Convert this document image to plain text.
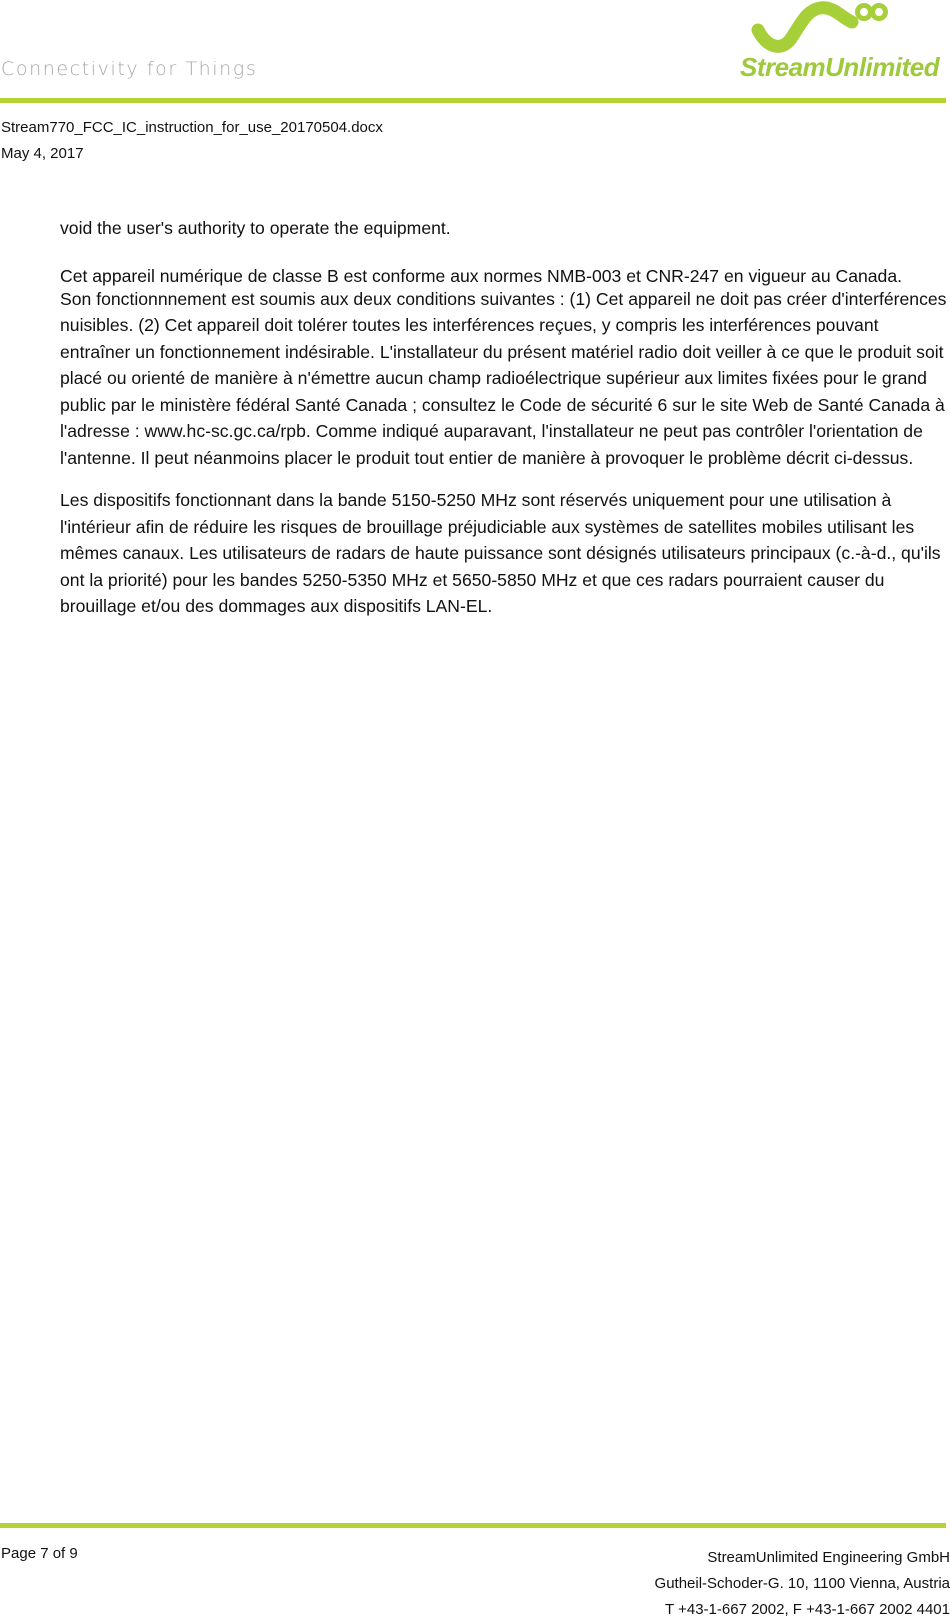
Connectivity for Things	StreamUnlimited
Stream770_FCC_IC_instruction_for_use_20170504.docx
May 4, 2017

void the user's authority to operate the equipment.

Cet appareil numérique de classe B est conforme aux normes NMB-003 et CNR-247 en vigueur au Canada.

Son fonctionnnement est soumis aux deux conditions suivantes : (1) Cet appareil ne doit pas créer d'interférences nuisibles. (2) Cet appareil doit tolérer toutes les interférences reçues, y compris les interférences pouvant entraîner un fonctionnement indésirable. L'installateur du présent matériel radio doit veiller à ce que le produit soit placé ou orienté de manière à n'émettre aucun champ radioélectrique supérieur aux limites fixées pour le grand public par le ministère fédéral Santé Canada ; consultez le Code de sécurité 6 sur le site Web de Santé Canada à l'adresse : www.hc-sc.gc.ca/rpb. Comme indiqué auparavant, l'installateur ne peut pas contrôler l'orientation de l'antenne. Il peut néanmoins placer le produit tout entier de manière à provoquer le problème décrit ci-dessus.

Les dispositifs fonctionnant dans la bande 5150-5250 MHz sont réservés uniquement pour une utilisation à l'intérieur afin de réduire les risques de brouillage préjudiciable aux systèmes de satellites mobiles utilisant les mêmes canaux. Les utilisateurs de radars de haute puissance sont désignés utilisateurs principaux (c.-à-d., qu'ils ont la priorité) pour les bandes 5250-5350 MHz et 5650-5850 MHz et que ces radars pourraient causer du brouillage et/ou des dommages aux dispositifs LAN-EL.

Page 7 of 9	StreamUnlimited Engineering GmbH
Gutheil-Schoder-G. 10, 1100 Vienna, Austria
T +43-1-667 2002, F +43-1-667 2002 4401
